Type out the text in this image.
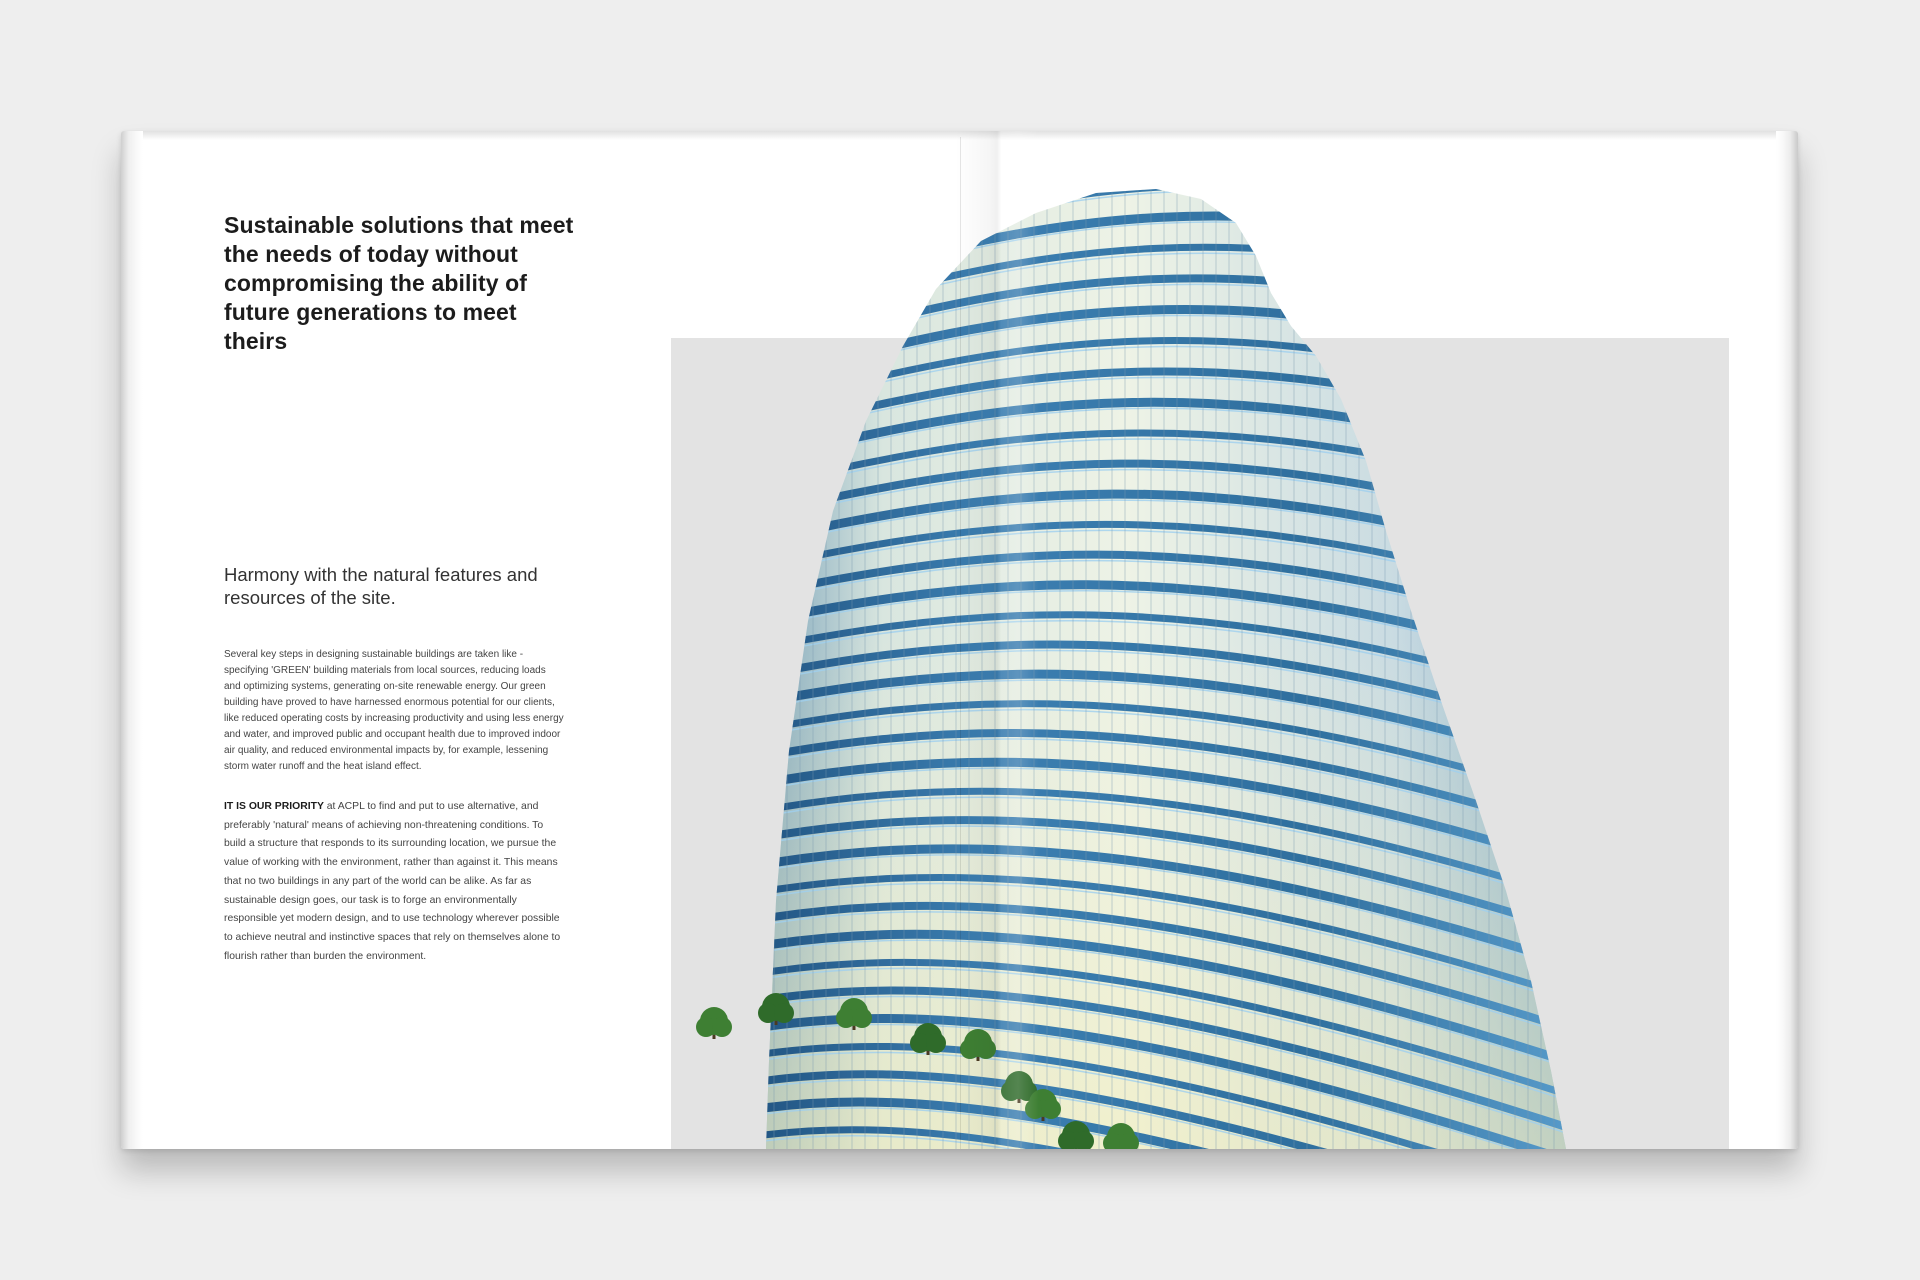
Sustainable solutions that meet the needs of today without compromising the ability of future generations to meet theirs
Harmony with the natural features and resources of the site.

Several key steps in designing sustainable buildings are taken like - specifying 'GREEN' building materials from local sources, reducing loads and optimizing systems, generating on-site renewable energy. Our green building have proved to have harnessed enormous potential for our clients, like reduced operating costs by increasing productivity and using less energy and water, and improved public and occupant health due to improved indoor air quality, and reduced environmental impacts by, for example, lessening storm water runoff and the heat island effect.

IT IS OUR PRIORITY at ACPL to find and put to use alternative, and preferably 'natural' means of achieving non-threatening conditions. To build a structure that responds to its surrounding location, we pursue the value of working with the environment, rather than against it. This means that no two buildings in any part of the world can be alike. As far as sustainable design goes, our task is to forge an environmentally responsible yet modern design, and to use technology wherever possible to achieve neutral and instinctive spaces that rely on themselves alone to flourish rather than burden the environment.
